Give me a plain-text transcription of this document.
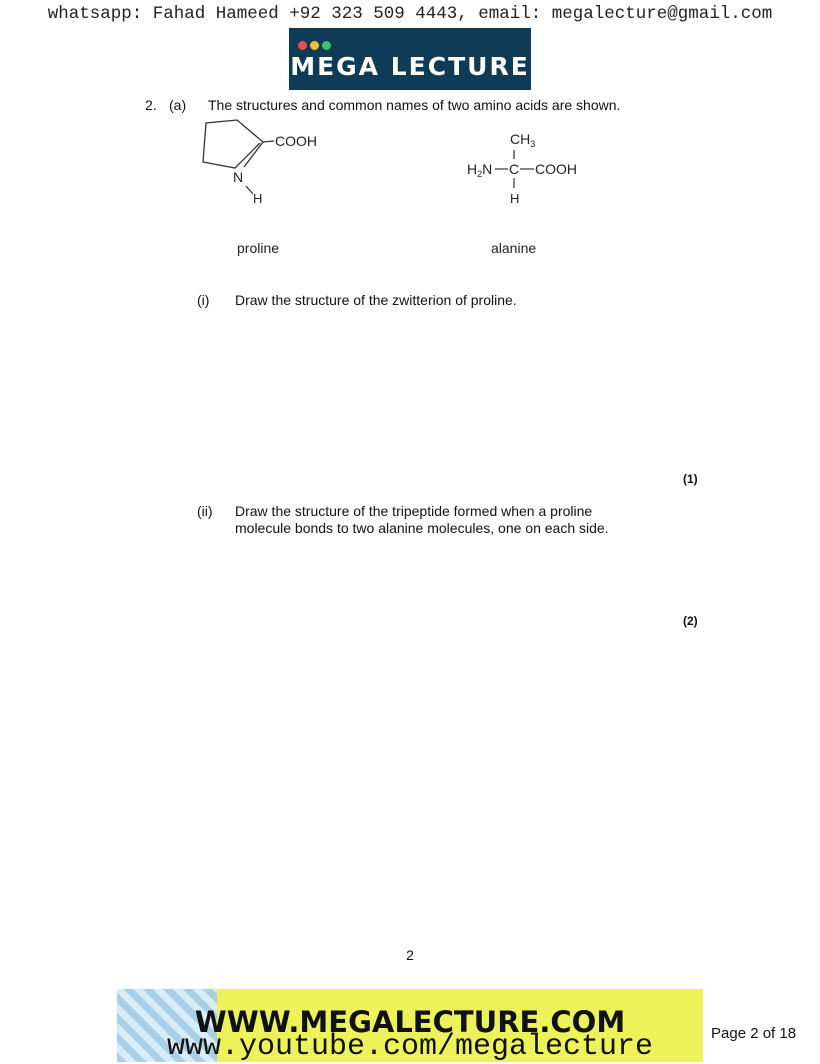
whatsapp: Fahad Hameed +92 323 509 4443, email: megalecture@gmail.com
MEGA LECTURE
2. (a) The structures and common names of two amino acids are shown.
COOH
N
H
$CH_3$
$H_2N$ C COOH
H
proline	alanine
(i) Draw the structure of the zwitterion of proline.
(1)
(ii) Draw the structure of the tripeptide formed when a proline
molecule bonds to two alanine molecules, one on each side.
(2)
2
WWW.MEGALECTURE.COM
www.youtube.com/megalecture	Page 2 of 18
